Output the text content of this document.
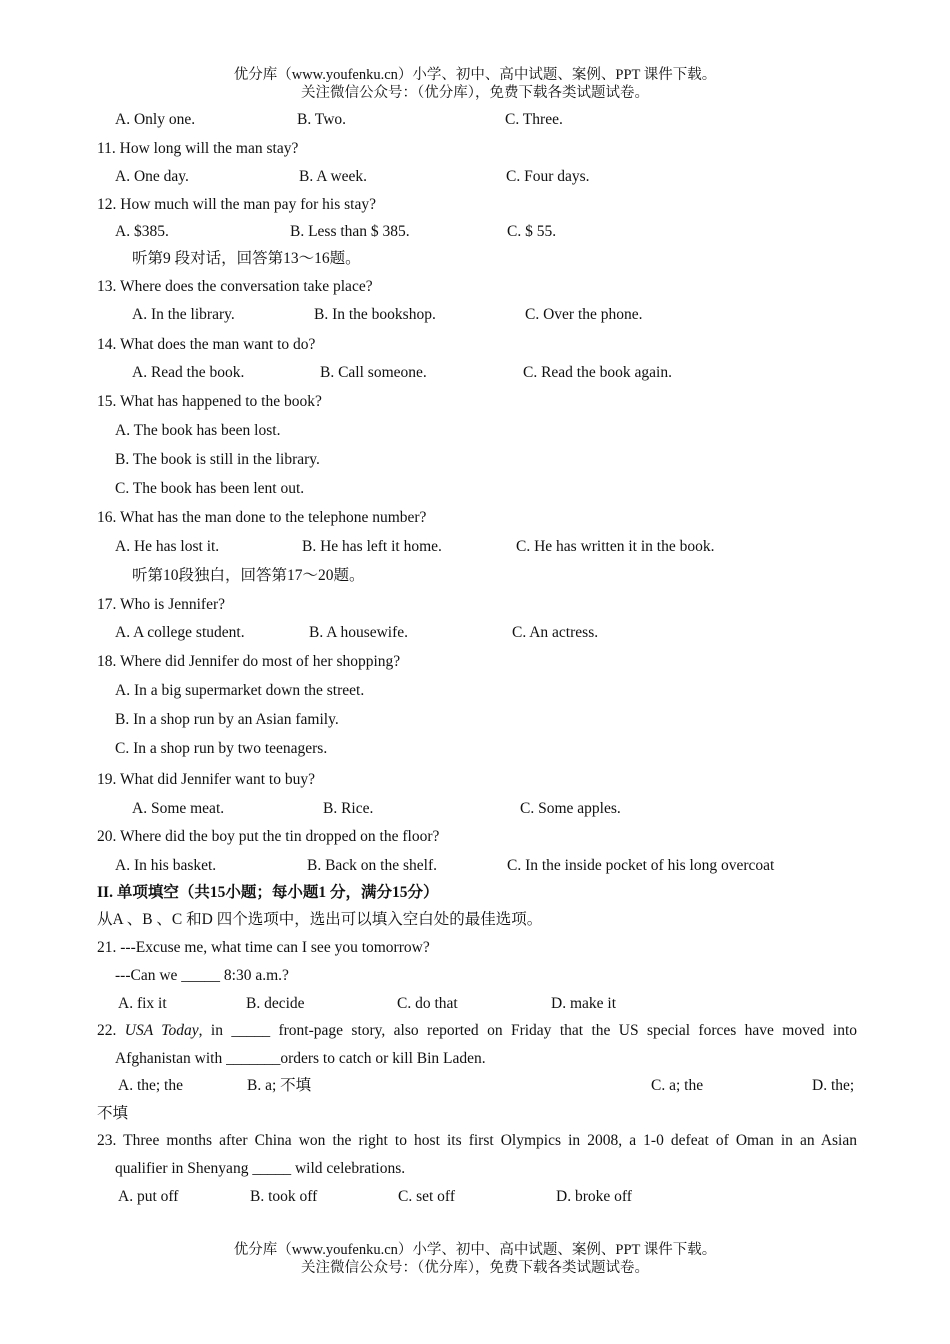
优分库（www.youfenku.cn）小学、初中、高中试题、案例、PPT 课件下载。
关注微信公众号：（优分库），免费下载各类试题试卷。
A. Only one.	B. Two.	C. Three.
11. How long will the man stay?
A. One day.	B. A week.	C. Four days.
12. How much will the man pay for his stay?
A. $385.	B. Less than $ 385.	C. $ 55.
听第9 段对话，回答第13～16题。
13. Where does the conversation take place?
A. In the library.	B. In the bookshop.	C. Over the phone.
14. What does the man want to do?
A. Read the book.	B. Call someone.	C. Read the book again.
15. What has happened to the book?
A. The book has been lost.
B. The book is still in the library.
C. The book has been lent out.
16. What has the man done to the telephone number?
A. He has lost it.	B. He has left it home.	C. He has written it in the book.
听第10段独白，回答第17～20题。
17. Who is Jennifer?
A. A college student.	B. A housewife.	C. An actress.
18. Where did Jennifer do most of her shopping?
A. In a big supermarket down the street.
B. In a shop run by an Asian family.
C. In a shop run by two teenagers.
19. What did Jennifer want to buy?
A. Some meat.	B. Rice.	C. Some apples.
20. Where did the boy put the tin dropped on the floor?
A. In his basket.	B. Back on the shelf.	C. In the inside pocket of his long overcoat
II. 单项填空（共15小题；每小题1 分，满分15分）
从A 、B 、C 和D 四个选项中，选出可以填入空白处的最佳选项。
21. ---Excuse me, what time can I see you tomorrow?
---Can we _____ 8:30 a.m.?
A. fix it	B. decide	C. do that	D. make it
22. USA Today, in _____ front-page story, also reported on Friday that the US special forces have moved into
Afghanistan with _______orders to catch or kill Bin Laden.
A. the; the	B. a; 不填	C. a; the	D. the;
不填
23. Three months after China won the right to host its first Olympics in 2008, a 1-0 defeat of Oman in an Asian
qualifier in Shenyang _____ wild celebrations.
A. put off	B. took off	C. set off	D. broke off
优分库（www.youfenku.cn）小学、初中、高中试题、案例、PPT 课件下载。
关注微信公众号：（优分库），免费下载各类试题试卷。
